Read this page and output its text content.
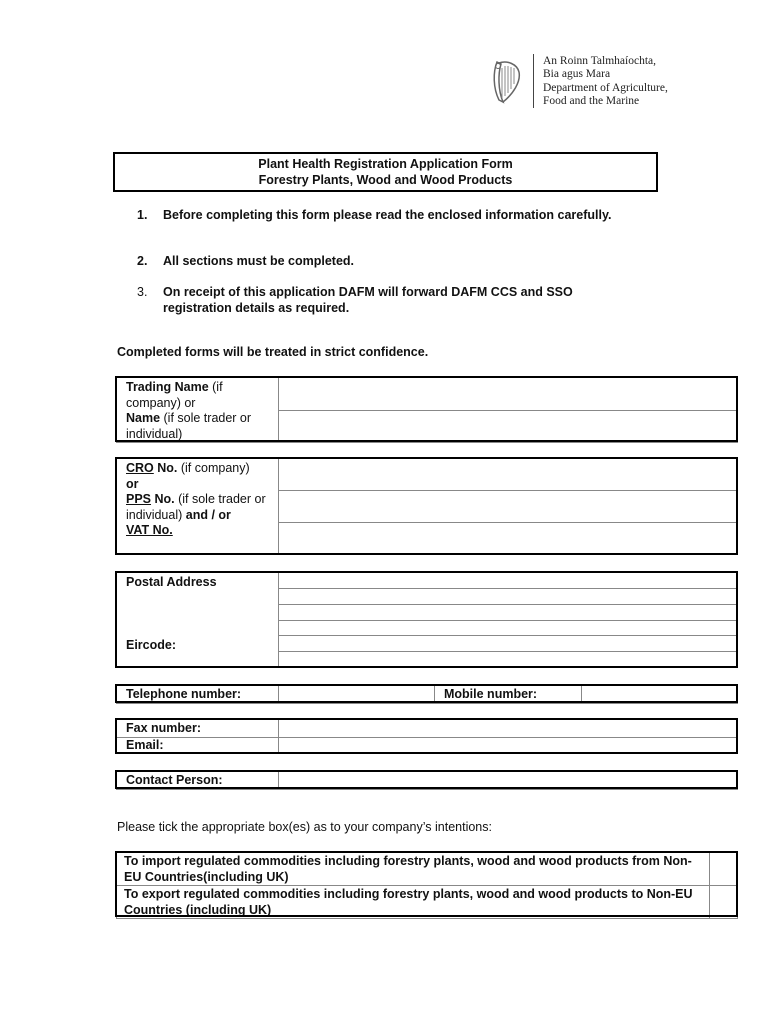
An Roinn Talmhaíochta,
Bia agus Mara
Department of Agriculture,
Food and the Marine
Plant Health Registration Application Form
Forestry Plants, Wood and Wood Products
1.	Before completing this form please read the enclosed information carefully.
2.	All sections must be completed.
3.	On receipt of this application DAFM will forward DAFM CCS and SSO registration details as required.
Completed forms will be treated in strict confidence.
Trading Name (if company) or
Name (if sole trader or individual)	

CRO No. (if company)
or
PPS No. (if sole trader or individual) and / or
VAT No.	

Postal Address
Eircode:

Telephone number:		Mobile number:	
Fax number:	
Email:	
Contact Person:	
Please tick the appropriate box(es) as to your company’s intentions:
To import regulated commodities including forestry plants, wood and wood products from Non-EU Countries(including UK)	
To export regulated commodities including forestry plants, wood and wood products to Non-EU Countries (including UK)	
